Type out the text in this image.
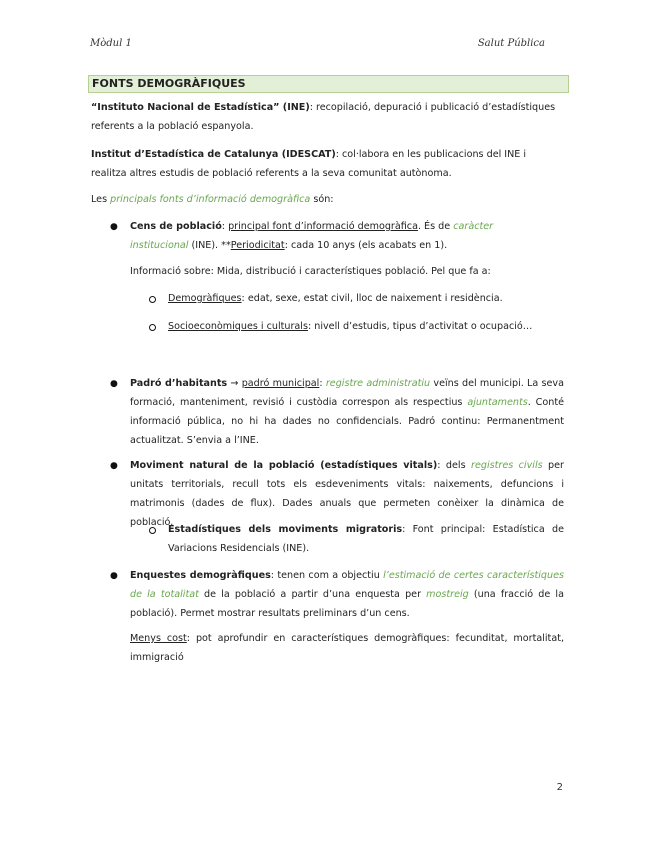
Mòdul 1	Salut Pública
FONTS DEMOGRÀFIQUES
“Instituto Nacional de Estadística” (INE): recopilació, depuració i publicació d’estadístiques referents a la població espanyola.
Institut d’Estadística de Catalunya (IDESCAT): col·labora en les publicacions del INE i realitza altres estudis de població referents a la seva comunitat autònoma.
Les principals fonts d’informació demogràfica són:
● Cens de població: principal font d’informació demogràfica. És de caràcter institucional (INE). **Periodicitat: cada 10 anys (els acabats en 1).
Informació sobre: Mida, distribució i característiques població. Pel que fa a:
Demogràfiques: edat, sexe, estat civil, lloc de naixement i residència.
Socioeconòmiques i culturals: nivell d’estudis, tipus d’activitat o ocupació…
● Padró d’habitants → padró municipal: registre administratiu veïns del municipi. La seva formació, manteniment, revisió i custòdia correspon als respectius ajuntaments. Conté informació pública, no hi ha dades no confidencials. Padró continu: Permanentment actualitzat. S’envia a l’INE.
● Moviment natural de la població (estadístiques vitals): dels registres civils per unitats territorials, recull tots els esdeveniments vitals: naixements, defuncions i matrimonis (dades de flux). Dades anuals que permeten conèixer la dinàmica de població.
Estadístiques dels moviments migratoris: Font principal: Estadística de Variacions Residencials (INE).
● Enquestes demogràfiques: tenen com a objectiu l’estimació de certes característiques de la totalitat de la població a partir d’una enquesta per mostreig (una fracció de la població). Permet mostrar resultats preliminars d’un cens.
Menys cost: pot aprofundir en característiques demogràfiques: fecunditat, mortalitat, immigració
2
